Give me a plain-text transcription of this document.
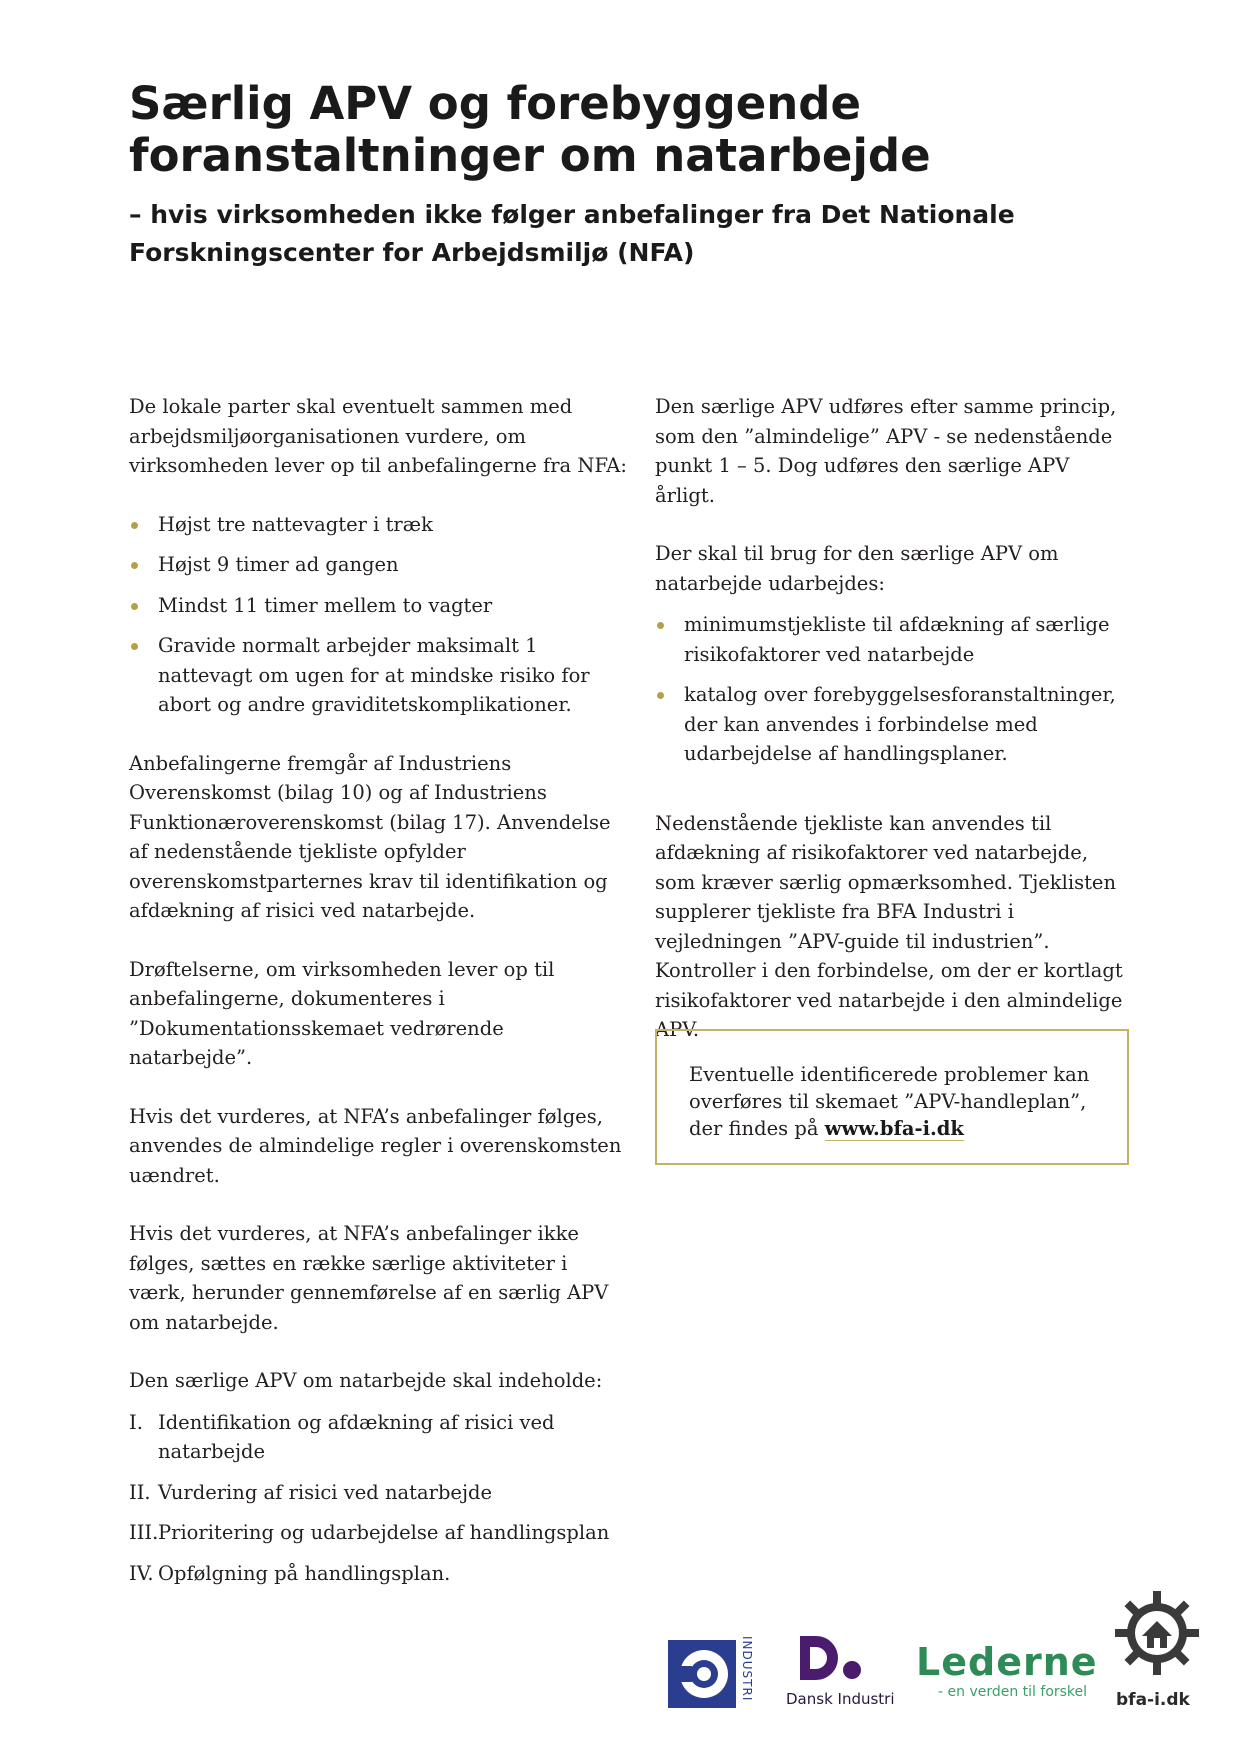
Særlig APV og forebyggende
foranstaltninger om natarbejde
– hvis virksomheden ikke følger anbefalinger fra Det Nationale
Forskningscenter for Arbejdsmiljø (NFA)

De lokale parter skal eventuelt sammen med arbejdsmiljøorganisationen vurdere, om virksomheden lever op til anbefalingerne fra NFA:

Højst tre nattevagter i træk
Højst 9 timer ad gangen
Mindst 11 timer mellem to vagter
Gravide normalt arbejder maksimalt 1 nattevagt om ugen for at mindske risiko for abort og andre graviditetskomplikationer.

Anbefalingerne fremgår af Industriens Overenskomst (bilag 10) og af Industriens Funktionæroverenskomst (bilag 17). Anvendelse af nedenstående tjekliste opfylder overenskomstparternes krav til identifikation og afdækning af risici ved natarbejde.

Drøftelserne, om virksomheden lever op til anbefalingerne, dokumenteres i ”Dokumentationsskemaet vedrørende natarbejde”.

Hvis det vurderes, at NFA’s anbefalinger følges, anvendes de almindelige regler i overenskomsten uændret.

Hvis det vurderes, at NFA’s anbefalinger ikke følges, sættes en række særlige aktiviteter i værk, herunder gennemførelse af en særlig APV om natarbejde.

Den særlige APV om natarbejde skal indeholde:

I. Identifikation og afdækning af risici ved natarbejde
II. Vurdering af risici ved natarbejde
III. Prioritering og udarbejdelse af handlingsplan
IV. Opfølgning på handlingsplan.

Den særlige APV udføres efter samme princip, som den ”almindelige” APV - se nedenstående punkt 1 – 5. Dog udføres den særlige APV årligt.

Der skal til brug for den særlige APV om natarbejde udarbejdes:

minimumstjekliste til afdækning af særlige risikofaktorer ved natarbejde
katalog over forebyggelsesforanstaltninger, der kan anvendes i forbindelse med udarbejdelse af handlingsplaner.

Nedenstående tjekliste kan anvendes til afdækning af risikofaktorer ved natarbejde, som kræver særlig opmærksomhed. Tjeklisten supplerer tjekliste fra BFA Industri i vejledningen ”APV-guide til industrien”. Kontroller i den forbindelse, om der er kortlagt risikofaktorer ved natarbejde i den almindelige APV.

Eventuelle identificerede problemer kan overføres til skemaet ”APV-handleplan”, der findes på www.bfa-i.dk
INDUSTRI Dansk Industri
Lederne
- en verden til forskel	bfa-i.dk
